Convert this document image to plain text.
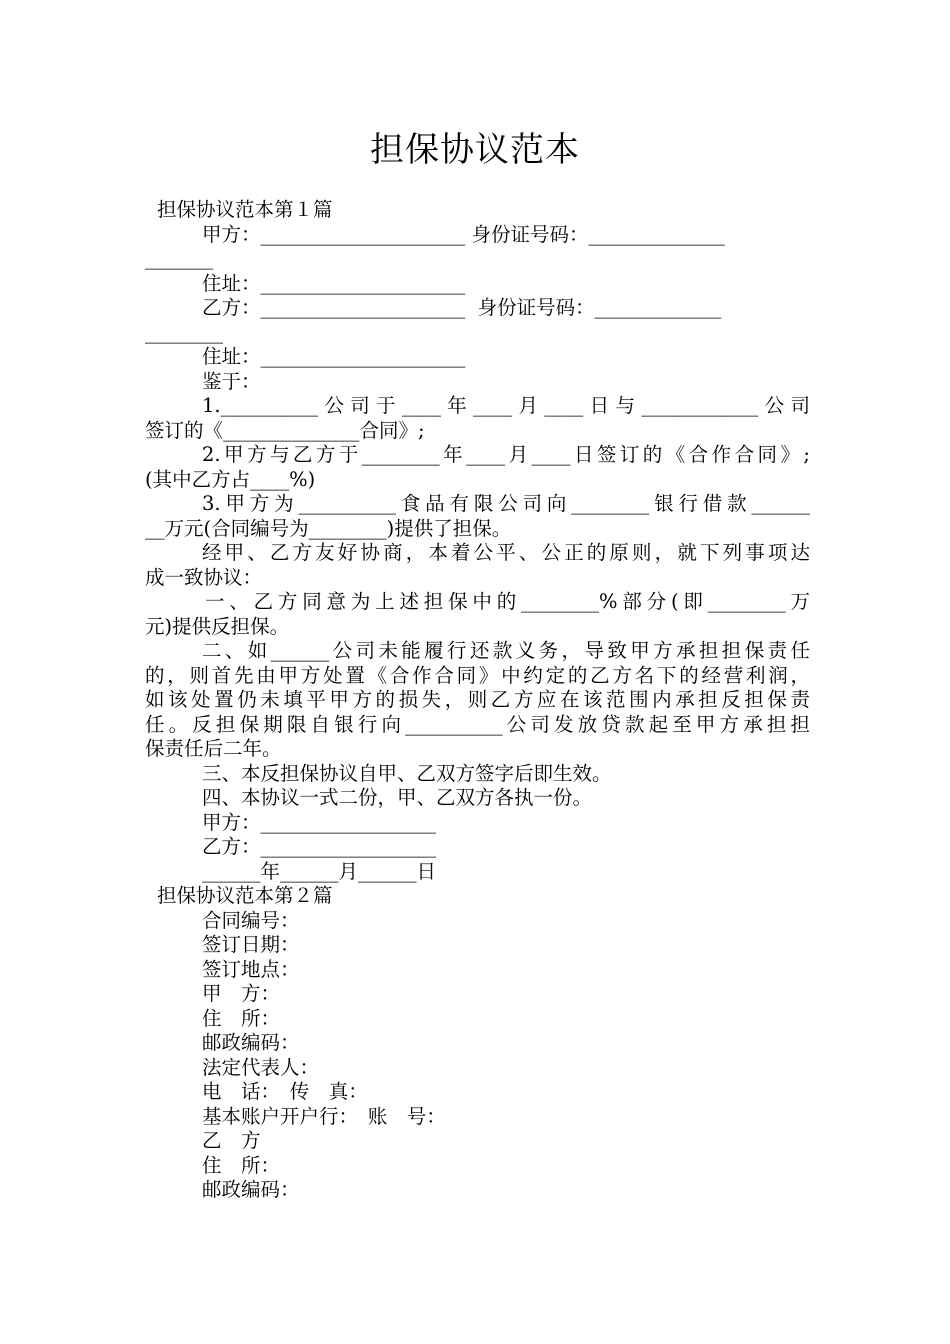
担保协议范本
担保协议范本第１篇
甲方：_____________________ 身份证号码：______________
_______
住址：_____________________
乙方：_____________________  身份证号码：_____________
________
住址：_____________________
鉴于：
1.__________公司于____年____月____日与____________公司
签订的《______________合同》;
2.甲方与乙方于________年____月____日签订的《合作合同》;
(其中乙方占____%)
3.甲方为__________食品有限公司向________银行借款______
__万元(合同编号为________)提供了担保。
经甲、乙方友好协商，本着公平、公正的原则，就下列事项达
成一致协议：
一、乙方同意为上述担保中的________%部分(即________万
元)提供反担保。
二、如______公司未能履行还款义务，导致甲方承担担保责任
的，则首先由甲方处置《合作合同》中约定的乙方名下的经营利润，
如该处置仍未填平甲方的损失，则乙方应在该范围内承担反担保责
任。反担保期限自银行向__________公司发放贷款起至甲方承担担
保责任后二年。
三、本反担保协议自甲、乙双方签字后即生效。
四、本协议一式二份，甲、乙双方各执一份。
甲方：__________________
乙方：__________________
______年______月______日
担保协议范本第２篇
合同编号：
签订日期：
签订地点：
甲　方：
住　所：
邮政编码：
法定代表人：
电　话：　传　真：
基本账户开户行：　账　号：
乙　方
住　所：
邮政编码：
